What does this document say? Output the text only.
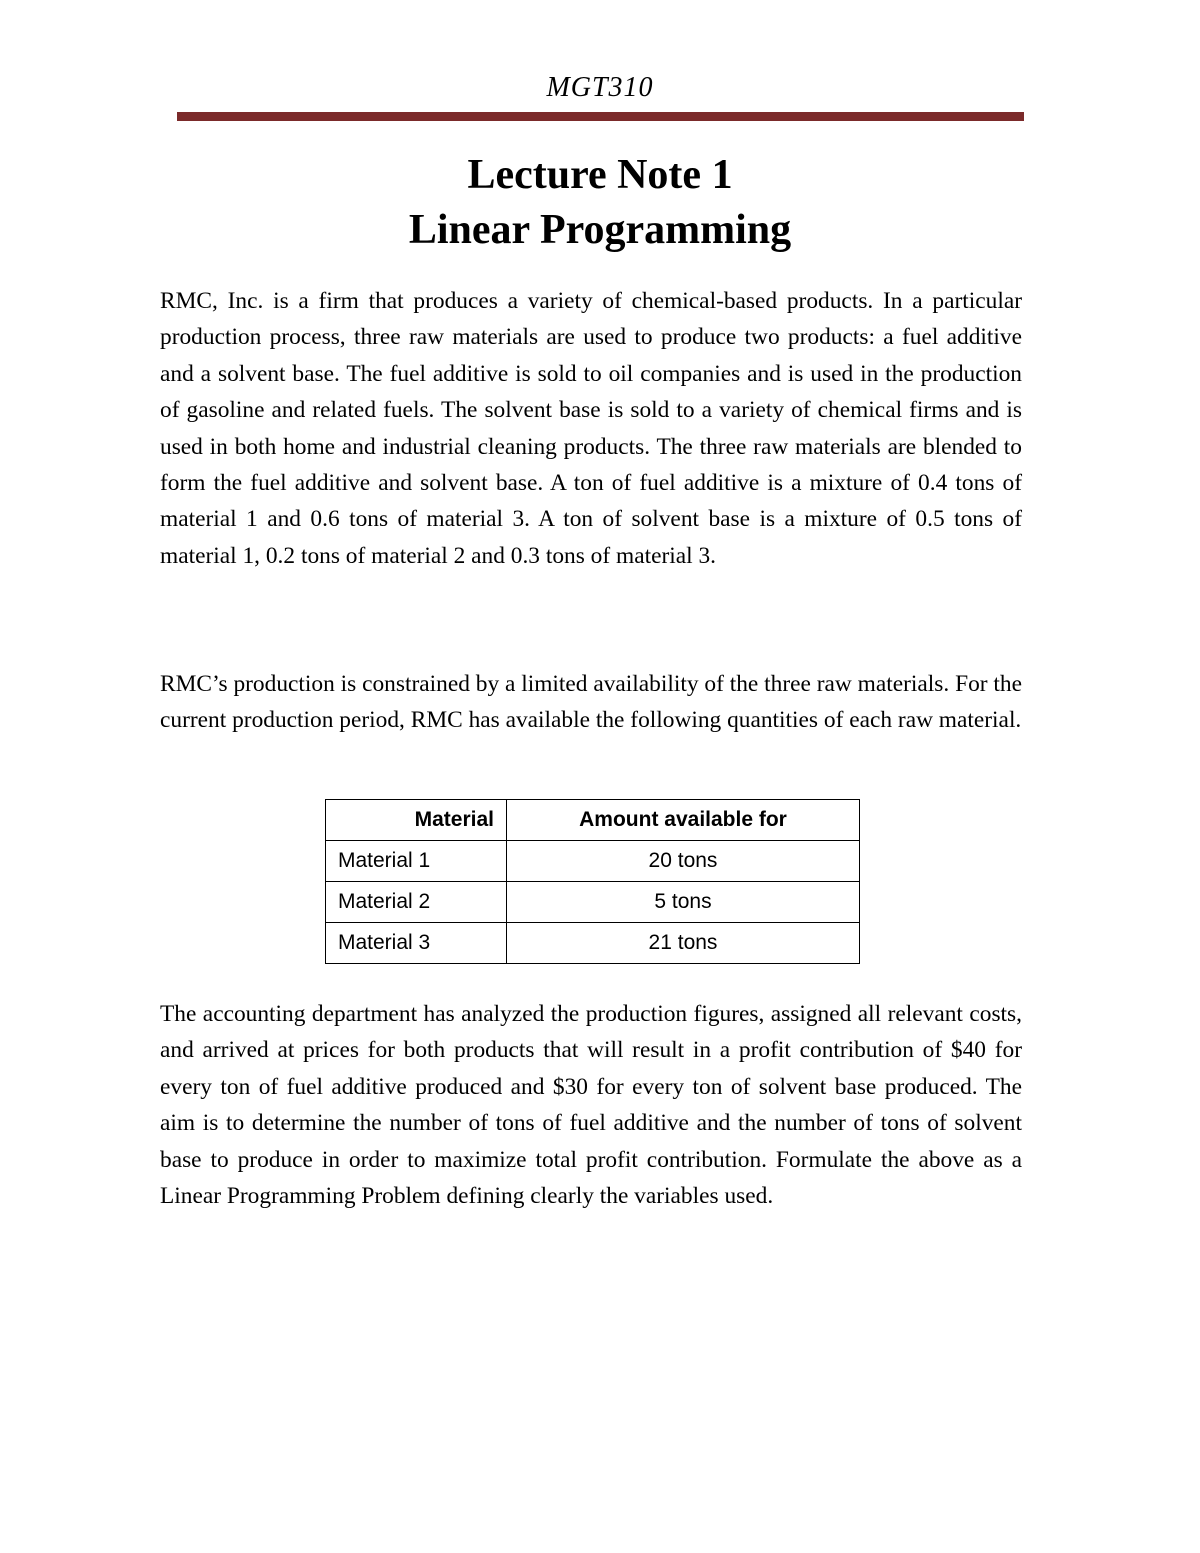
MGT310
Lecture Note 1
Linear Programming

RMC, Inc. is a firm that produces a variety of chemical-based products. In a particular production process, three raw materials are used to produce two products: a fuel additive and a solvent base. The fuel additive is sold to oil companies and is used in the production of gasoline and related fuels. The solvent base is sold to a variety of chemical firms and is used in both home and industrial cleaning products. The three raw materials are blended to form the fuel additive and solvent base. A ton of fuel additive is a mixture of 0.4 tons of material 1 and 0.6 tons of material 3. A ton of solvent base is a mixture of 0.5 tons of material 1, 0.2 tons of material 2 and 0.3 tons of material 3.

RMC’s production is constrained by a limited availability of the three raw materials. For the current production period, RMC has available the following quantities of each raw material.

Material	Amount available for
Material 1	20 tons
Material 2	5 tons
Material 3	21 tons

The accounting department has analyzed the production figures, assigned all relevant costs, and arrived at prices for both products that will result in a profit contribution of $40 for every ton of fuel additive produced and $30 for every ton of solvent base produced. The aim is to determine the number of tons of fuel additive and the number of tons of solvent base to produce in order to maximize total profit contribution. Formulate the above as a Linear Programming Problem defining clearly the variables used.
